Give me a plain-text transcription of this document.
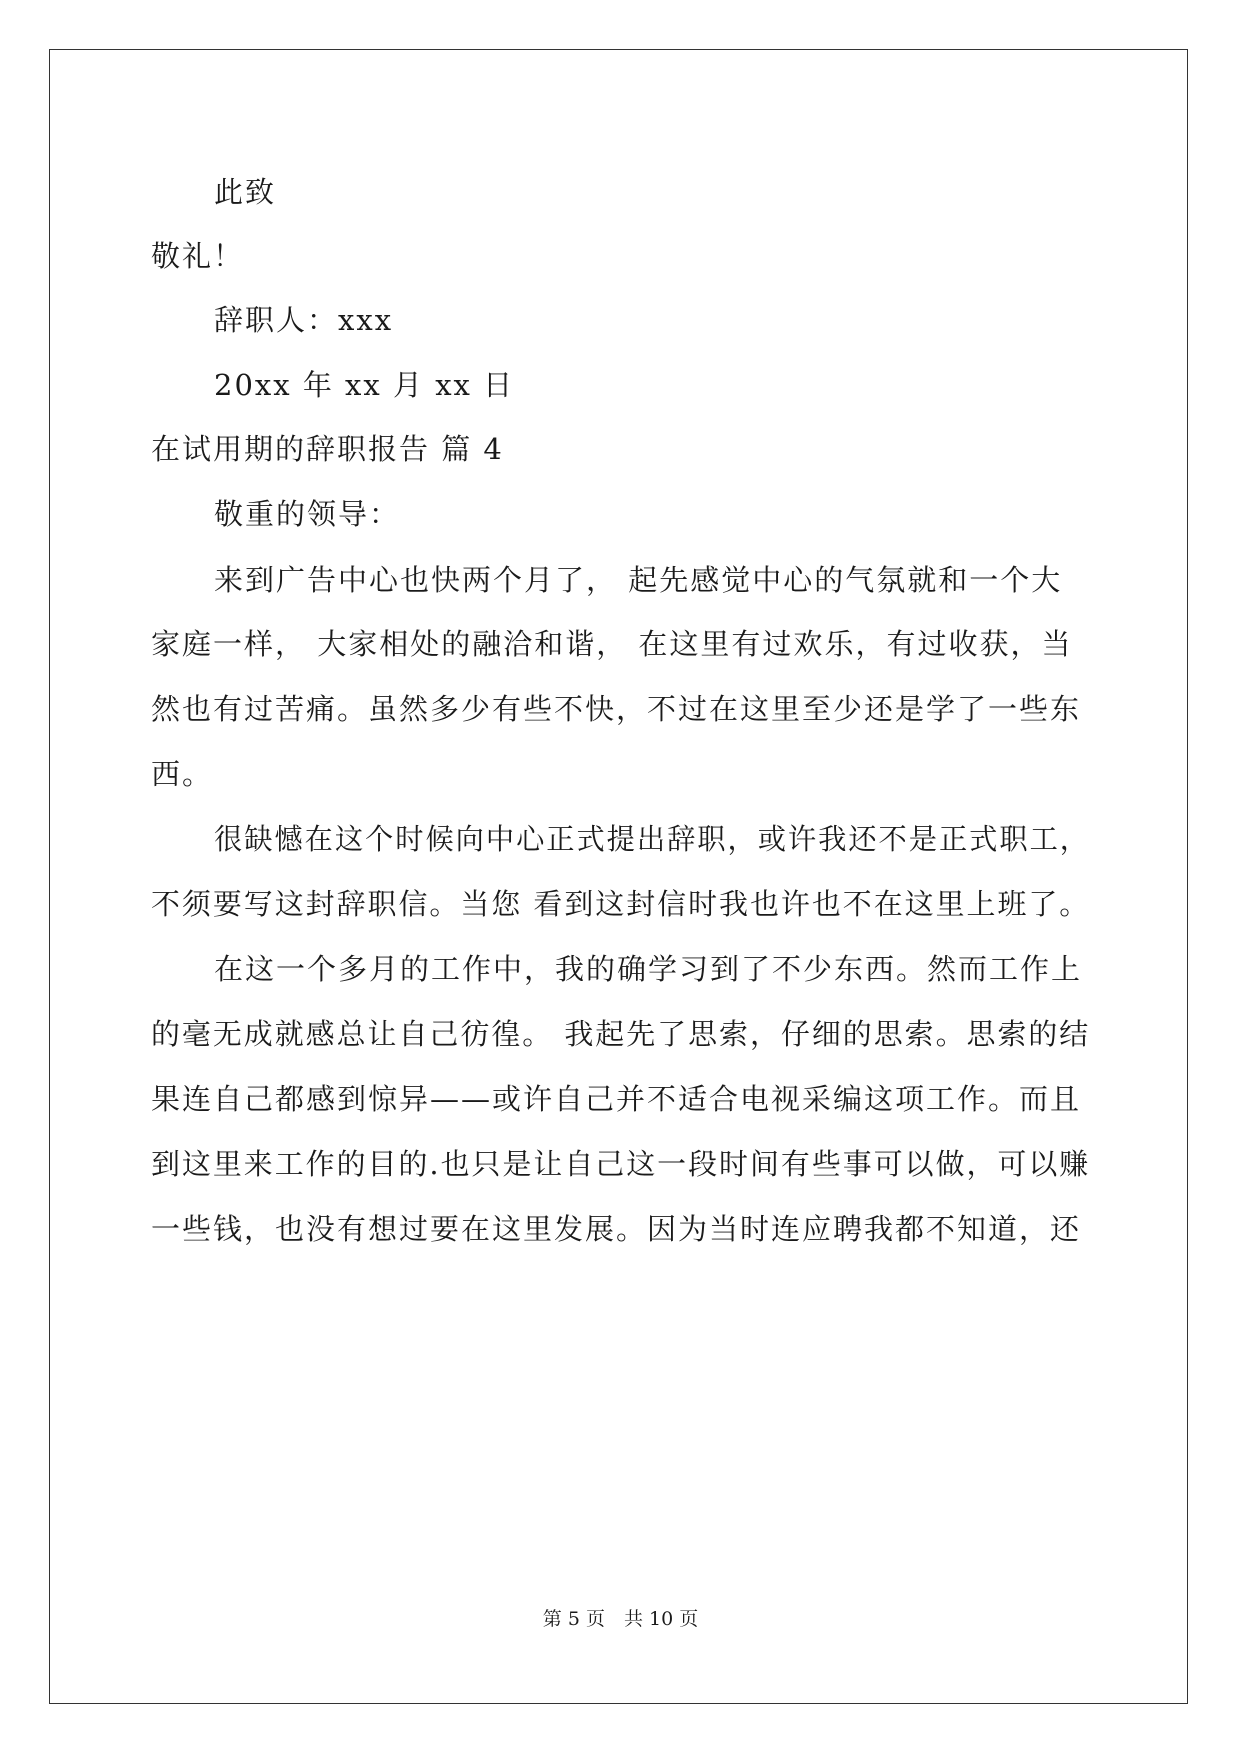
此致
敬礼！
辞职人：xxx
20xx 年 xx 月 xx 日
在试用期的辞职报告 篇 4
敬重的领导：
来到广告中心也快两个月了， 起先感觉中心的气氛就和一个大
家庭一样， 大家相处的融洽和谐， 在这里有过欢乐，有过收获，当
然也有过苦痛。虽然多少有些不快，不过在这里至少还是学了一些东
西。
很缺憾在这个时候向中心正式提出辞职，或许我还不是正式职工，
不须要写这封辞职信。当您 看到这封信时我也许也不在这里上班了。
在这一个多月的工作中，我的确学习到了不少东西。然而工作上
的毫无成就感总让自己彷徨。 我起先了思索，仔细的思索。思索的结
果连自己都感到惊异——或许自己并不适合电视采编这项工作。而且
到这里来工作的目的.也只是让自己这一段时间有些事可以做，可以赚
一些钱，也没有想过要在这里发展。因为当时连应聘我都不知道，还
第 5 页　共 10 页
